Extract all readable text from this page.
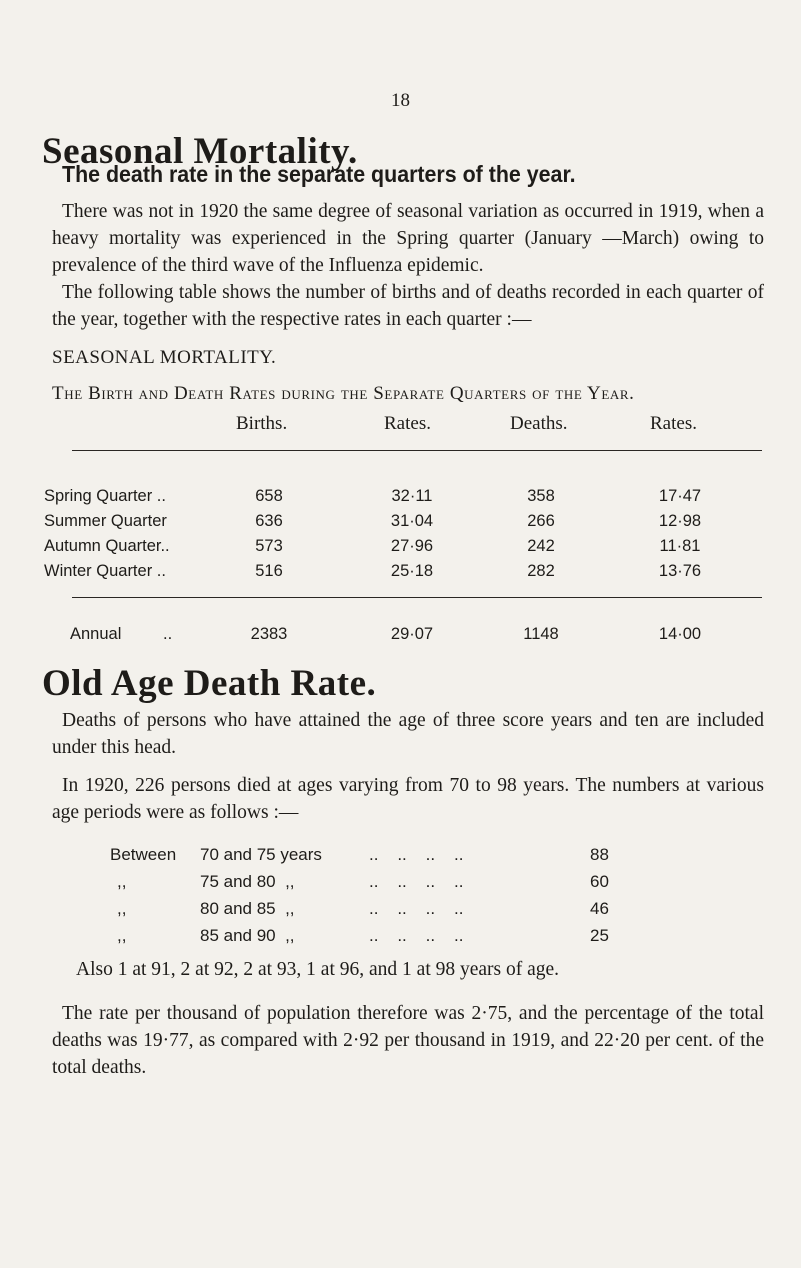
18
Seasonal Mortality.
The death rate in the separate quarters of the year.
There was not in 1920 the same degree of seasonal variation as occurred in 1919, when a heavy mortality was experienced in the Spring quarter (January —March) owing to prevalence of the third wave of the Influenza epidemic.
The following table shows the number of births and of deaths recorded in each quarter of the year, together with the respective rates in each quarter :—
SEASONAL MORTALITY.
The Birth and Death Rates during the Separate Quarters of the Year.
Births.	Rates.	Deaths.	Rates.
Spring Quarter ..	658	32·11	358	17·47
Summer Quarter	636	31·04	266	12·98
Autumn Quarter..	573	27·96	242	11·81
Winter Quarter ..	516	25·18	282	13·76
Annual	..	2383	29·07	1148	14·00
Old Age Death Rate.
Deaths of persons who have attained the age of three score years and ten are included under this head.
In 1920, 226 persons died at ages varying from 70 to 98 years. The numbers at various age periods were as follows :—
Between 70 and 75 years	..    ..    ..    ..	88
,,	75 and 80  ,,	..    ..    ..    ..	60
,,	80 and 85  ,,	..    ..    ..    ..	46
,,	85 and 90  ,,	..    ..    ..    ..	25
Also 1 at 91, 2 at 92, 2 at 93, 1 at 96, and 1 at 98 years of age.
The rate per thousand of population therefore was 2·75, and the percentage of the total deaths was 19·77, as compared with 2·92 per thousand in 1919, and 22·20 per cent. of the total deaths.
